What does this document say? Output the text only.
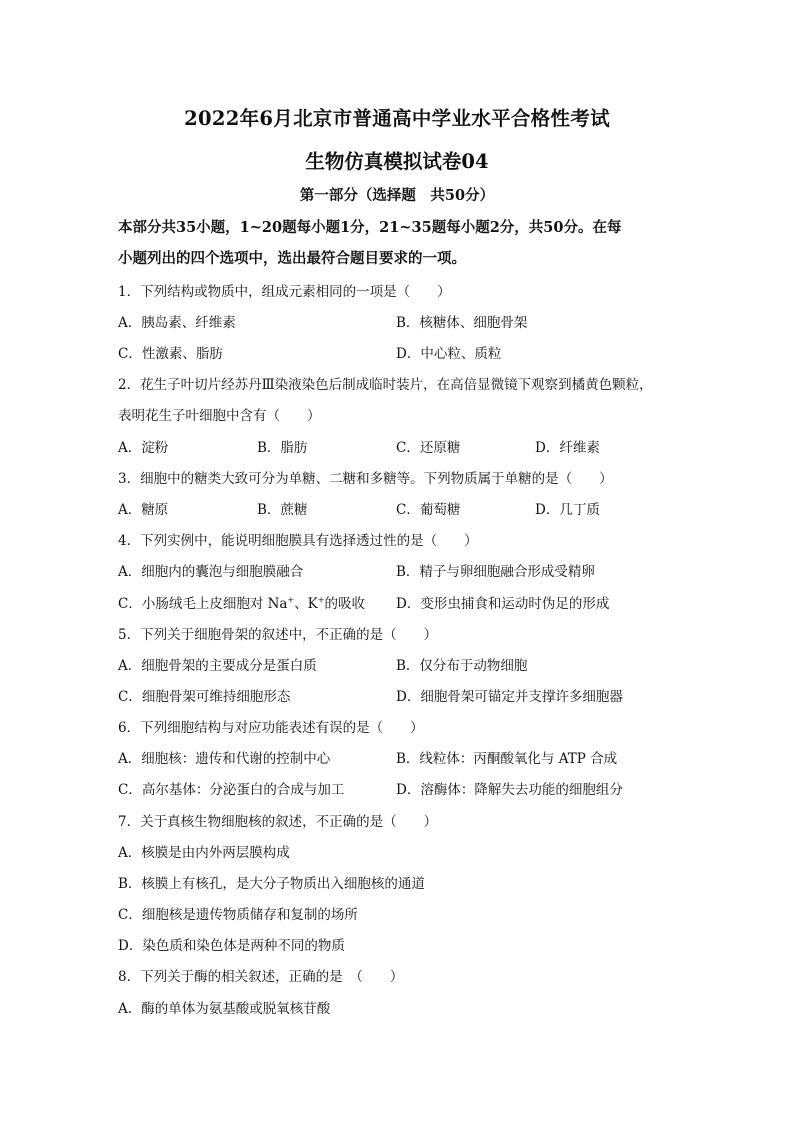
2022年6月北京市普通高中学业水平合格性考试
生物仿真模拟试卷04
第一部分（选择题　共50分）
本部分共35小题，1~20题每小题1分，21~35题每小题2分，共50分。在每
小题列出的四个选项中，选出最符合题目要求的一项。
1．下列结构或物质中，组成元素相同的一项是（　　）
A．胰岛素、纤维素	B．核糖体、细胞骨架
C．性激素、脂肪	D．中心粒、质粒
2．花生子叶切片经苏丹Ⅲ染液染色后制成临时装片，在高倍显微镜下观察到橘黄色颗粒，
表明花生子叶细胞中含有（　　）
A．淀粉	B．脂肪	C．还原糖	D．纤维素
3．细胞中的糖类大致可分为单糖、二糖和多糖等。下列物质属于单糖的是（　　）
A．糖原	B．蔗糖	C．葡萄糖	D．几丁质
4．下列实例中，能说明细胞膜具有选择透过性的是（　　）
A．细胞内的囊泡与细胞膜融合	B．精子与卵细胞融合形成受精卵
C．小肠绒毛上皮细胞对 Na+、K+的吸收 D．变形虫捕食和运动时伪足的形成
5．下列关于细胞骨架的叙述中，不正确的是（　　）
A．细胞骨架的主要成分是蛋白质	B．仅分布于动物细胞
C．细胞骨架可维持细胞形态	D．细胞骨架可锚定并支撑许多细胞器
6．下列细胞结构与对应功能表述有误的是（　　）
A．细胞核：遗传和代谢的控制中心	B．线粒体：丙酮酸氧化与 ATP 合成
C．高尔基体：分泌蛋白的合成与加工	D．溶酶体：降解失去功能的细胞组分
7．关于真核生物细胞核的叙述，不正确的是（　　）
A．核膜是由内外两层膜构成
B．核膜上有核孔，是大分子物质出入细胞核的通道
C．细胞核是遗传物质储存和复制的场所
D．染色质和染色体是两种不同的物质
8．下列关于酶的相关叙述，正确的是　（　　）
A．酶的单体为氨基酸或脱氧核苷酸
